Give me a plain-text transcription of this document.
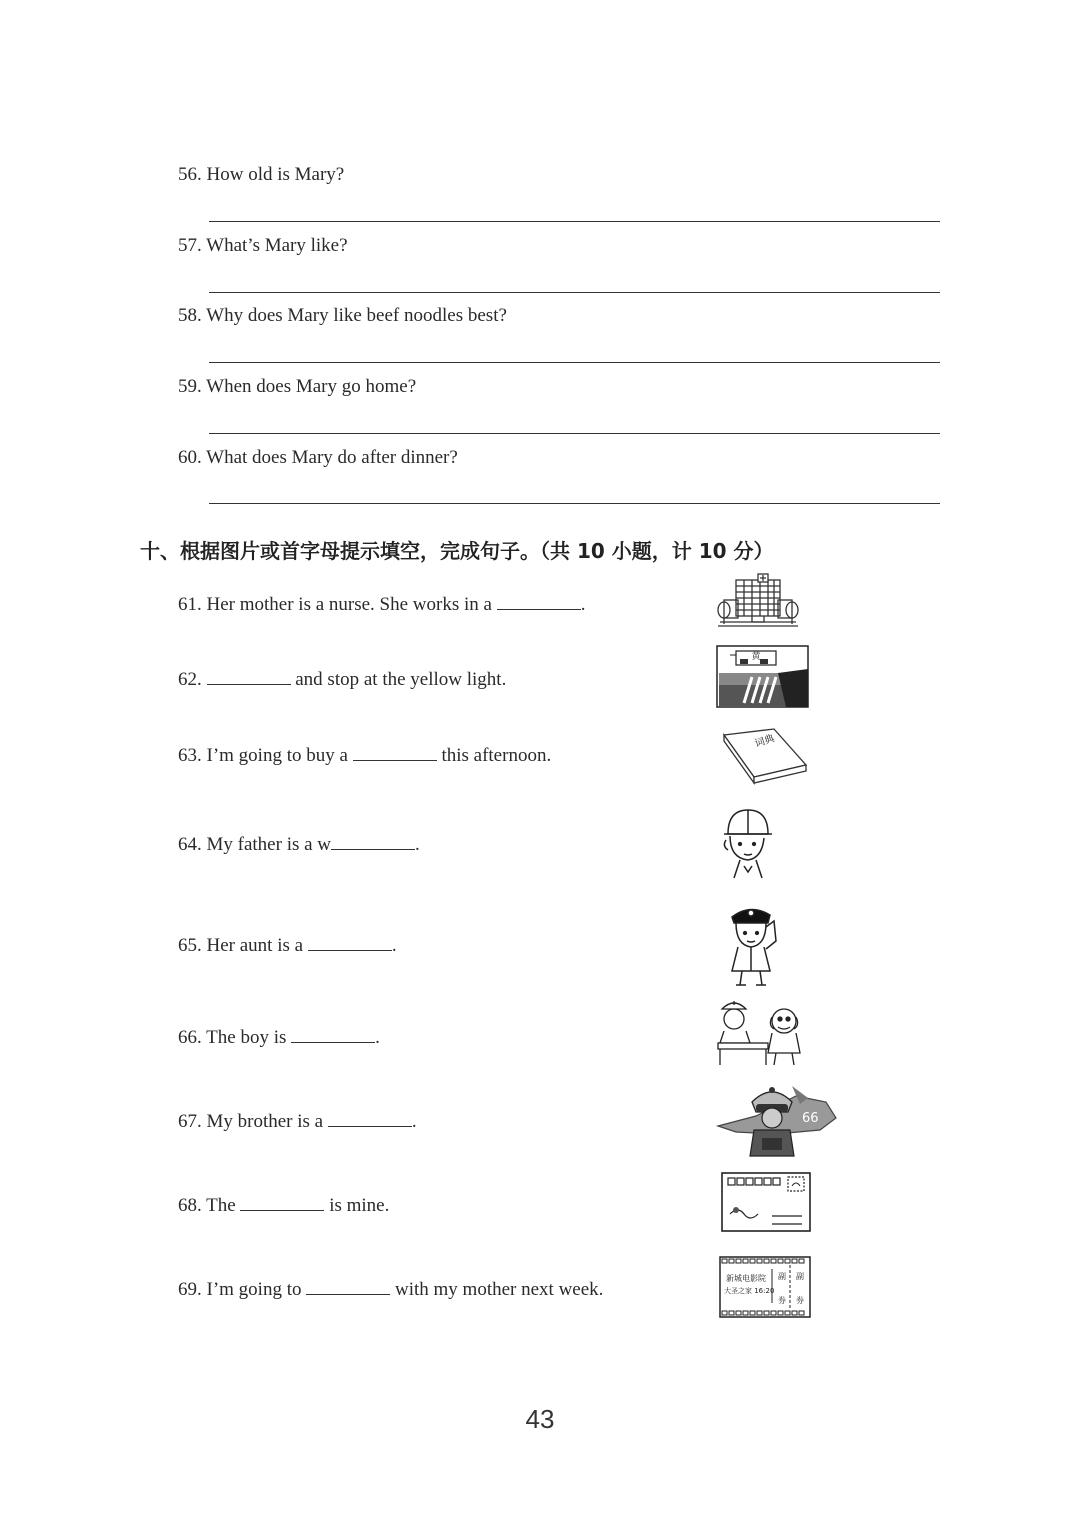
56. How old is Mary?
57. What’s Mary like?
58. Why does Mary like beef noodles best?
59. When does Mary go home?
60. What does Mary do after dinner?
十、根据图片或首字母提示填空，完成句子。（共 10 小题，计 10 分）
61. Her mother is a nurse. She works in a	.
62.	and stop at the yellow light.
63. I’m going to buy a	this afternoon.
64. My father is a w	.
65. Her aunt is a	.
66. The boy is	.
67. My brother is a	.
68. The	is mine.
69. I’m going to	with my mother next week.
黄
词典
66
新城电影院
大圣之家 16:20
副
券
副
券
43
